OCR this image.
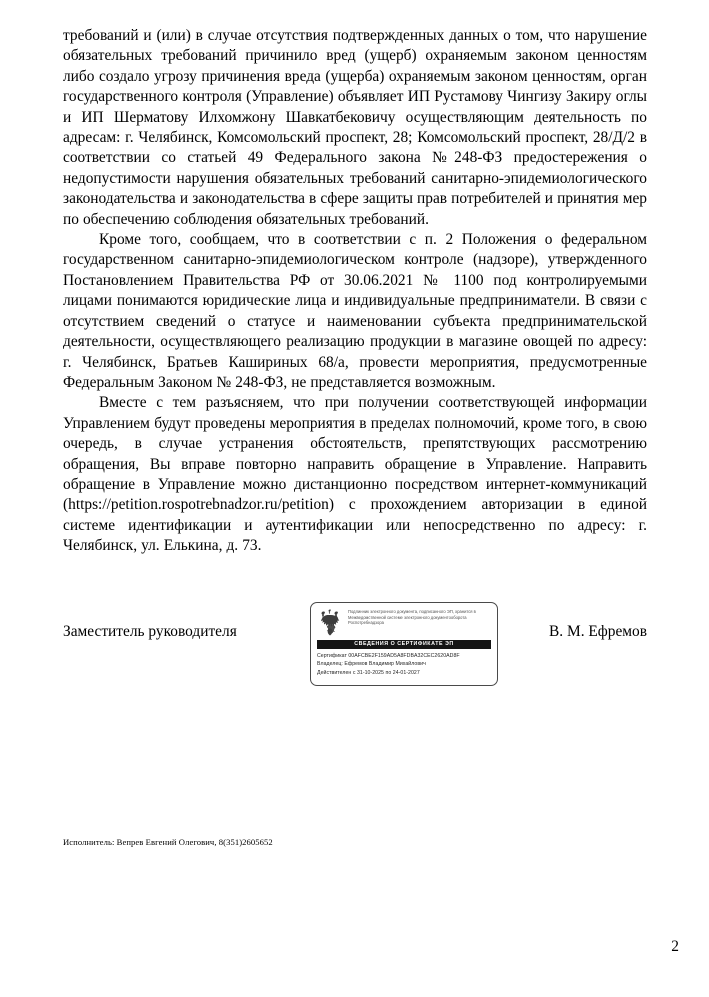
требований и (или) в случае отсутствия подтвержденных данных о том, что нарушение обязательных требований причинило вред (ущерб) охраняемым законом ценностям либо создало угрозу причинения вреда (ущерба) охраняемым законом ценностям, орган государственного контроля (Управление) объявляет ИП Рустамову Чингизу Закиру оглы и ИП Шерматову Илхомжону Шавкатбековичу осуществляющим деятельность по адресам: г. Челябинск, Комсомольский проспект, 28; Комсомольский проспект, 28/Д/2 в соответствии со статьей 49 Федерального закона №248-ФЗ предостережения о недопустимости нарушения обязательных требований санитарно-эпидемиологического законодательства и законодательства в сфере защиты прав потребителей и принятия мер по обеспечению соблюдения обязательных требований.

Кроме того, сообщаем, что в соответствии с п. 2 Положения о федеральном государственном санитарно-эпидемиологическом контроле (надзоре), утвержденного Постановлением Правительства РФ от 30.06.2021 № 1100 под контролируемыми лицами понимаются юридические лица и индивидуальные предприниматели. В связи с отсутствием сведений о статусе и наименовании субъекта предпринимательской деятельности, осуществляющего реализацию продукции в магазине овощей по адресу: г. Челябинск, Братьев Кашириных 68/а, провести мероприятия, предусмотренные Федеральным Законом № 248-ФЗ, не представляется возможным.

Вместе с тем разъясняем, что при получении соответствующей информации Управлением будут проведены мероприятия в пределах полномочий, кроме того, в свою очередь, в случае устранения обстоятельств, препятствующих рассмотрению обращения, Вы вправе повторно направить обращение в Управление. Направить обращение в Управление можно дистанционно посредством интернет-коммуникаций (https://petition.rospotrebnadzor.ru/petition) с прохождением авторизации в единой системе идентификации и аутентификации или непосредственно по адресу: г. Челябинск, ул. Елькина, д. 73.

Заместитель руководителя	В. М. Ефремов
Подлинник электронного документа, подписанного ЭП, хранится в Межведомственной системе электронного документооборота Роспотребнадзора
СВЕДЕНИЯ О СЕРТИФИКАТЕ ЭП
Сертификат 00AFCBE2F159AD5A8FDBA32CEC2620AD8F
Владелец: Ефремов Владимир Михайлович
Действителен с 31-10-2025 по 24-01-2027
Исполнитель: Вепрев Евгений Олегович, 8(351)2605652
2
